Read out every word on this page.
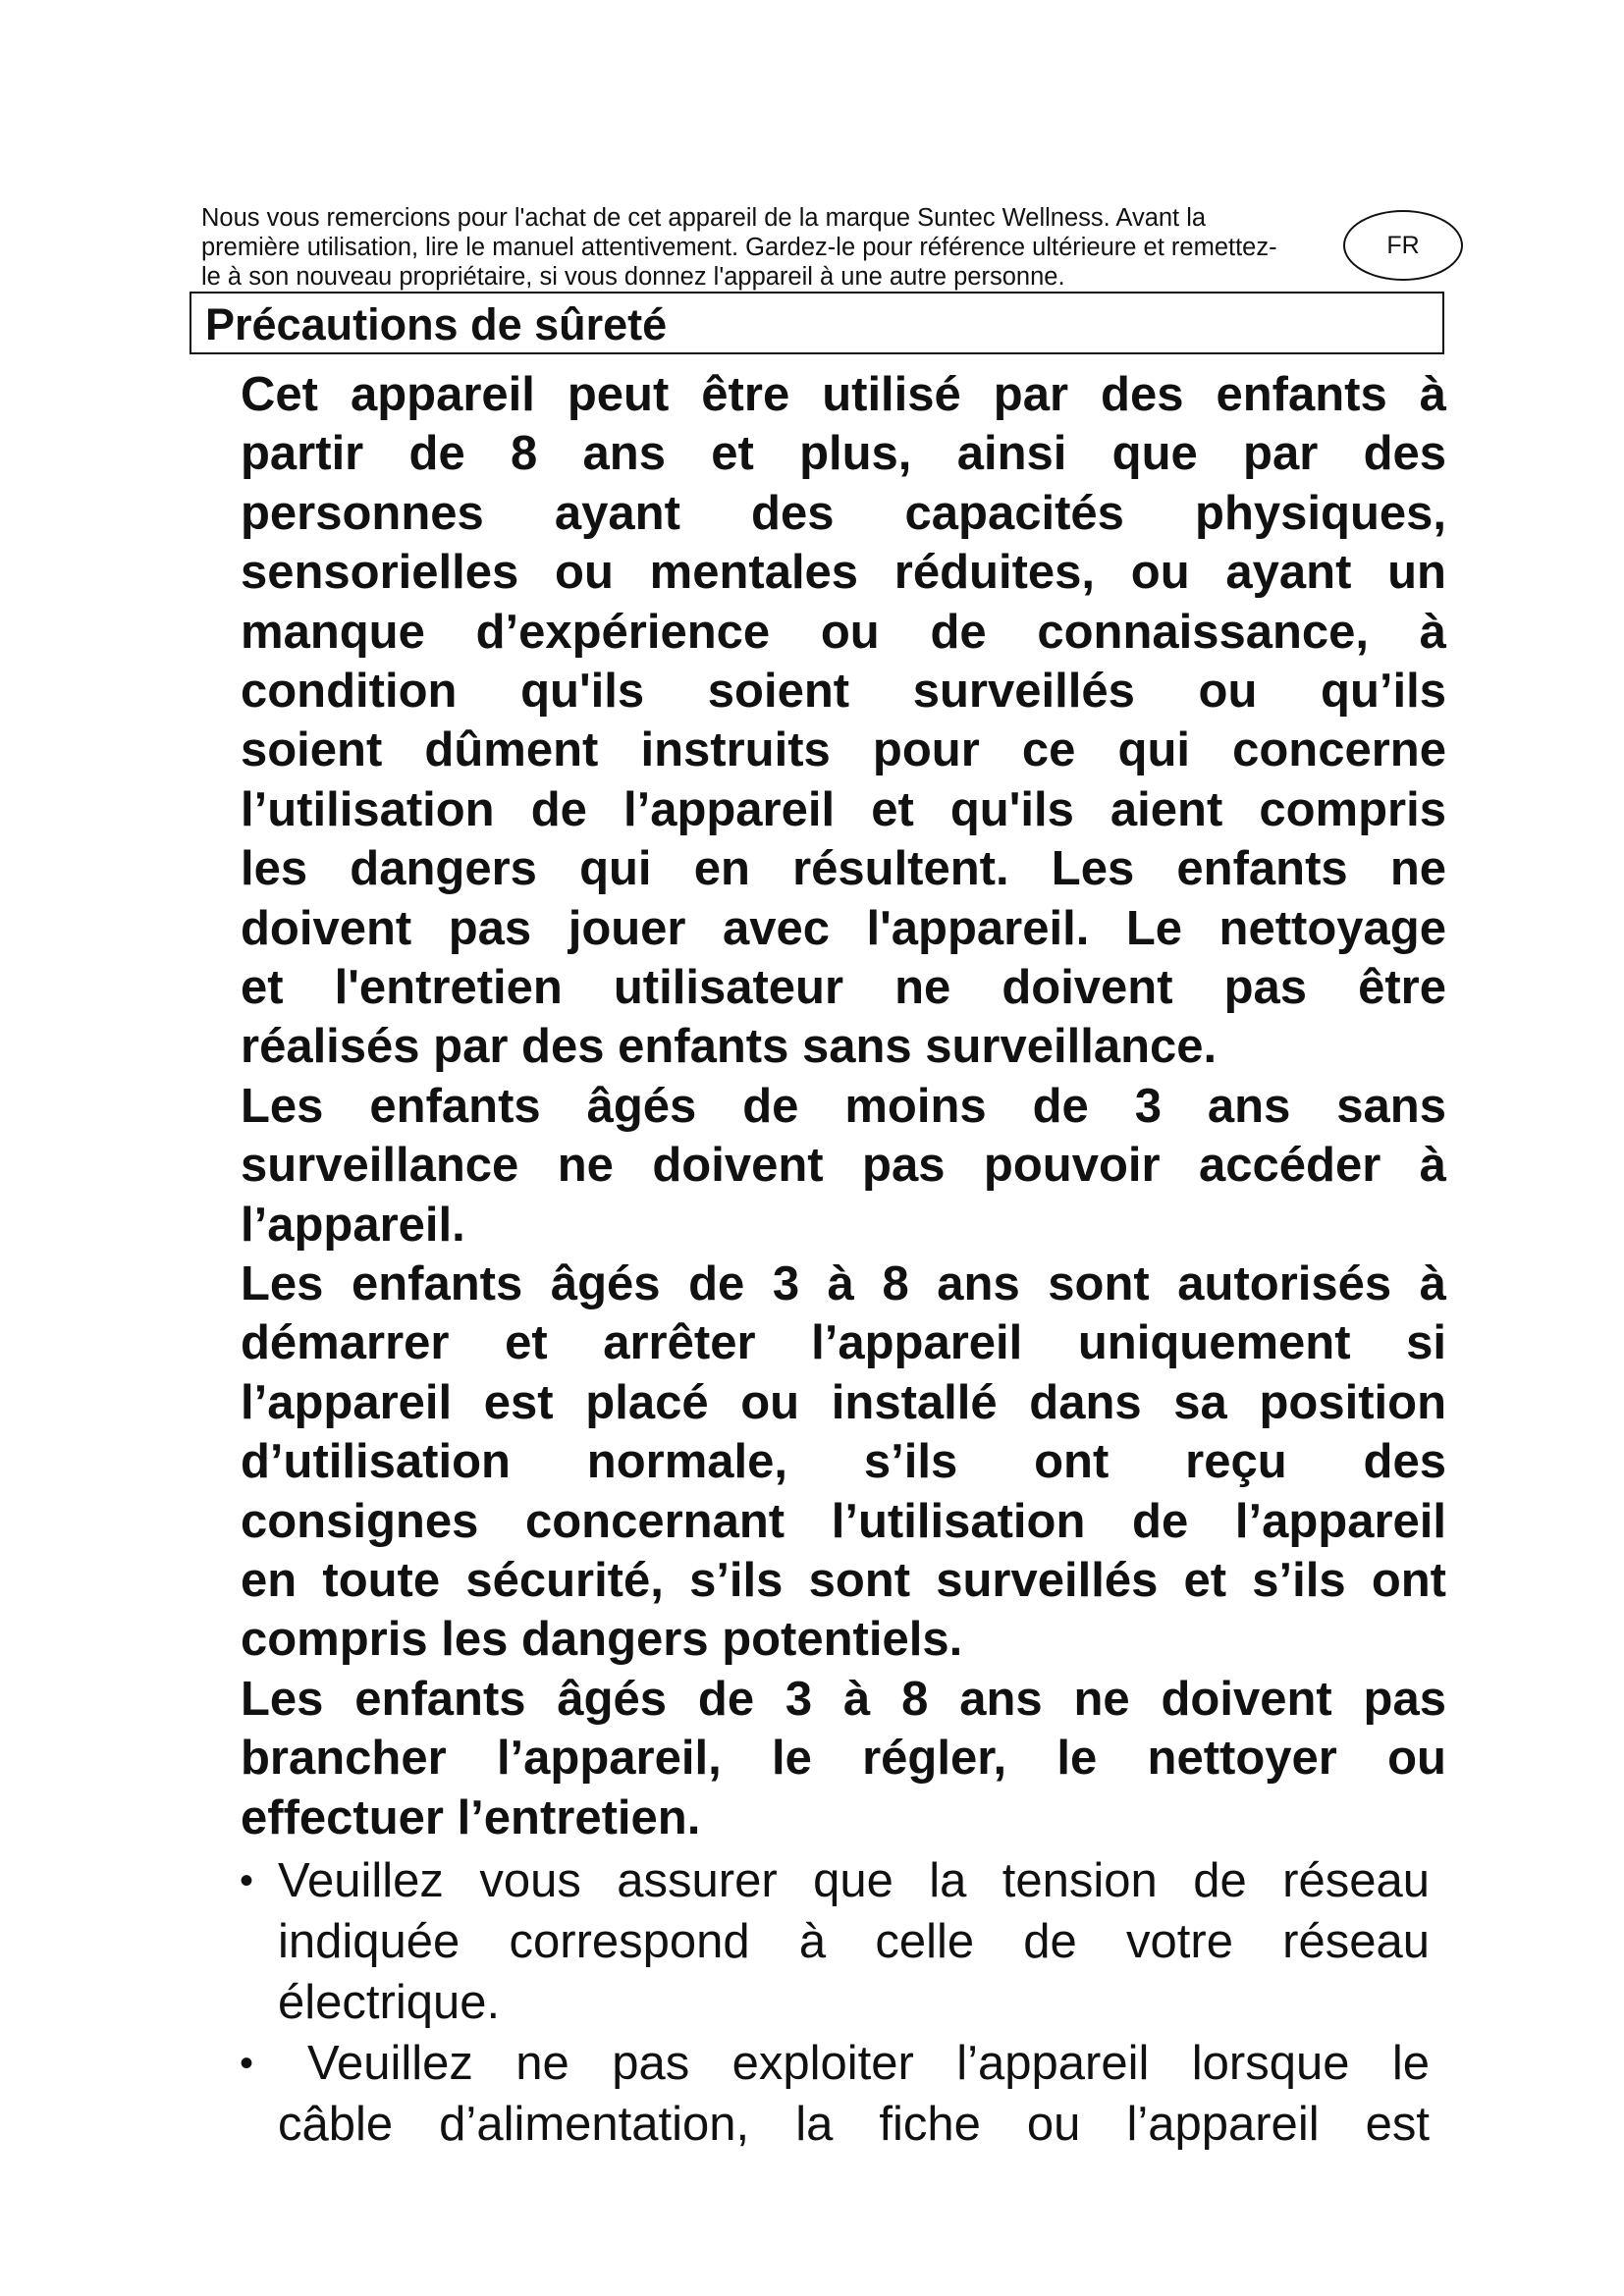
Nous vous remercions pour l'achat de cet appareil de la marque Suntec Wellness. Avant la
première utilisation, lire le manuel attentivement. Gardez-le pour référence ultérieure et remettez-
le à son nouveau propriétaire, si vous donnez l'appareil à une autre personne.
FR
Précautions de sûreté
Cet appareil peut être utilisé par des enfants à
partir de 8 ans et plus, ainsi que par des
personnes ayant des capacités physiques,
sensorielles ou mentales réduites, ou ayant un
manque d’expérience ou de connaissance, à
condition qu'ils soient surveillés ou qu’ils
soient dûment instruits pour ce qui concerne
l’utilisation de l’appareil et qu'ils aient compris
les dangers qui en résultent. Les enfants ne
doivent pas jouer avec l'appareil. Le nettoyage
et l'entretien utilisateur ne doivent pas être
réalisés par des enfants sans surveillance.
Les enfants âgés de moins de 3 ans sans
surveillance ne doivent pas pouvoir accéder à
l’appareil.
Les enfants âgés de 3 à 8 ans sont autorisés à
démarrer et arrêter l’appareil uniquement si
l’appareil est placé ou installé dans sa position
d’utilisation normale, s’ils ont reçu des
consignes concernant l’utilisation de l’appareil
en toute sécurité, s’ils sont surveillés et s’ils ont
compris les dangers potentiels.
Les enfants âgés de 3 à 8 ans ne doivent pas
brancher l’appareil, le régler, le nettoyer ou
effectuer l’entretien.
• Veuillez vous assurer que la tension de réseau
indiquée correspond à celle de votre réseau
électrique.
•	Veuillez ne pas exploiter l’appareil lorsque le
câble d’alimentation, la fiche ou l’appareil est
